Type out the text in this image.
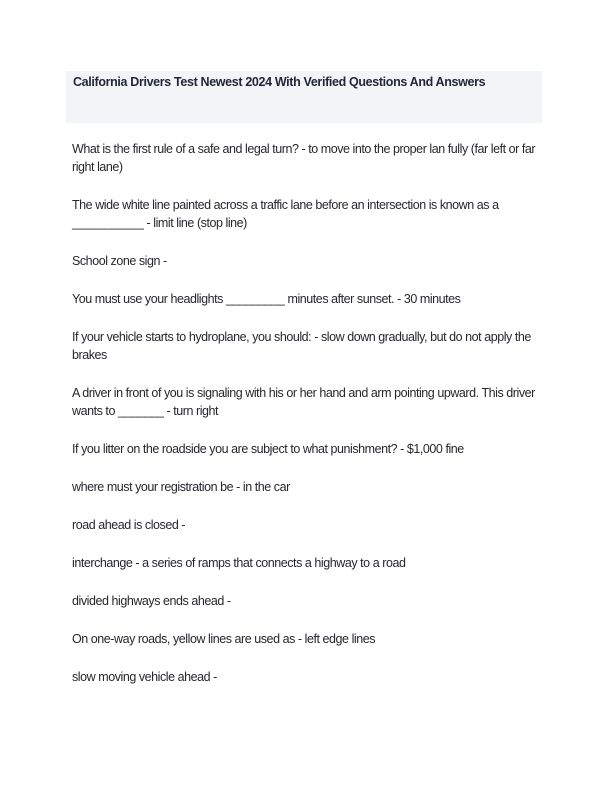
California Drivers Test Newest 2024 With Verified Questions And Answers
What is the first rule of a safe and legal turn? - to move into the proper lan fully (far left or far right lane)
The wide white line painted across a traffic lane before an intersection is known as a ___________ - limit line (stop line)
School zone sign -
You must use your headlights _________ minutes after sunset. - 30 minutes
If your vehicle starts to hydroplane, you should: - slow down gradually, but do not apply the brakes
A driver in front of you is signaling with his or her hand and arm pointing upward. This driver wants to _______ - turn right
If you litter on the roadside you are subject to what punishment? - $1,000 fine
where must your registration be - in the car
road ahead is closed -
interchange - a series of ramps that connects a highway to a road
divided highways ends ahead -
On one-way roads, yellow lines are used as - left edge lines
slow moving vehicle ahead -
